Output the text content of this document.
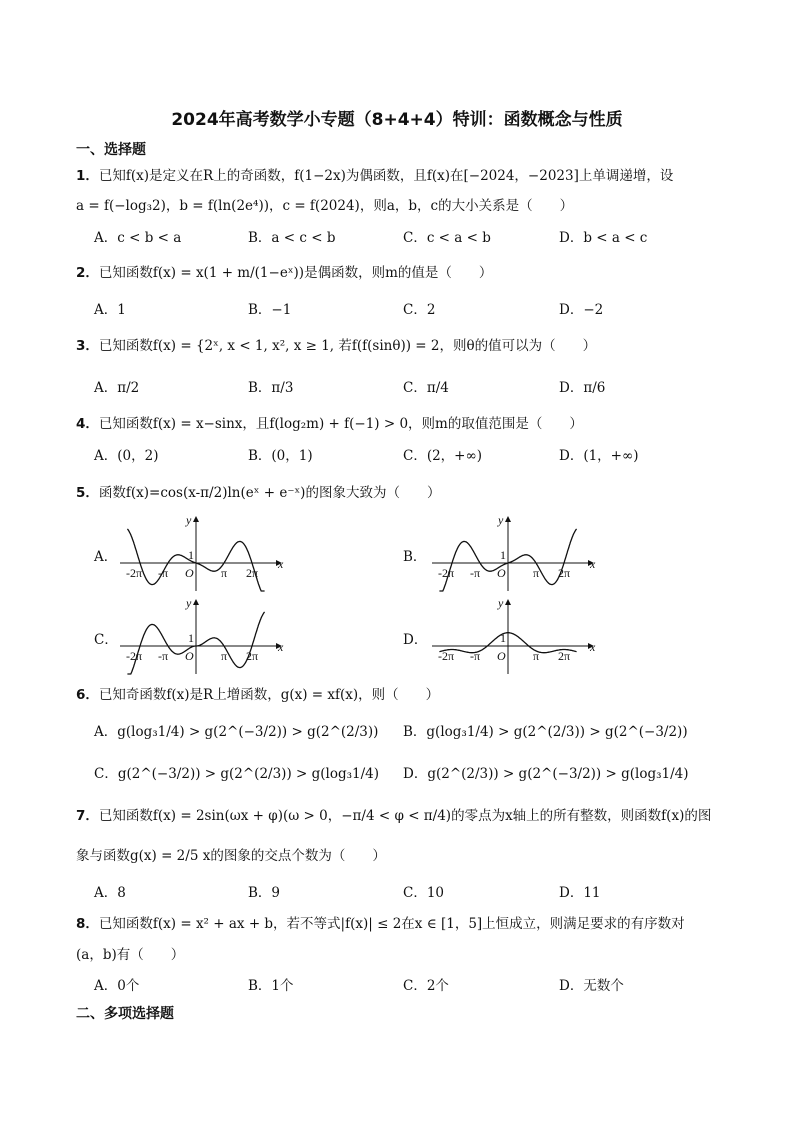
2024年高考数学小专题（8+4+4）特训：函数概念与性质
一、选择题
1．已知f(x)是定义在R上的奇函数，f(1−2x)为偶函数，且f(x)在[−2024，−2023]上单调递增，设
a = f(−log₃2)，b = f(ln(2e⁴))，c = f(2024)，则a，b，c的大小关系是（　　）
A．c < b < a	B．a < c < b	C．c < a < b	D．b < a < c
2．已知函数f(x) = x(1 + m/(1−eˣ))是偶函数，则m的值是（　　）
A．1	B．−1	C．2	D．−2
3．已知函数f(x) = {2ˣ, x < 1, x², x ≥ 1, 若f(f(sinθ)) = 2，则θ的值可以为（　　）
A．π/2	B．π/3	C．π/4	D．π/6
4．已知函数f(x) = x−sinx，且f(log₂m) + f(−1) > 0，则m的取值范围是（　　）
A．(0，2)	B．(0，1)	C．(2，+∞)	D．(1，+∞)
5．函数f(x)=cos(x-π/2)ln(eˣ + e⁻ˣ)的图象大致为（　　）
A．
y
x
O
1
-2π -π	π 2π
B．
y
x
O
1
-2π -π	π 2π
C．
y
x
O
1
-2π -π	π 2π
D．
y
x
O
1
-2π -π	π 2π
6．已知奇函数f(x)是R上增函数，g(x) = xf(x)，则（　　）
A．g(log₃1/4) > g(2^(−3/2)) > g(2^(2/3)) B．g(log₃1/4) > g(2^(2/3)) > g(2^(−3/2))
C．g(2^(−3/2)) > g(2^(2/3)) > g(log₃1/4) D．g(2^(2/3)) > g(2^(−3/2)) > g(log₃1/4)
7．已知函数f(x) = 2sin(ωx + φ)(ω > 0，−π/4 < φ < π/4)的零点为x轴上的所有整数，则函数f(x)的图
象与函数g(x) = 2/5 x的图象的交点个数为（　　）
A．8	B．9	C．10	D．11
8．已知函数f(x) = x² + ax + b，若不等式|f(x)| ≤ 2在x ∈ [1，5]上恒成立，则满足要求的有序数对
(a，b)有（　　）
A．0个	B．1个	C．2个	D．无数个
二、多项选择题
